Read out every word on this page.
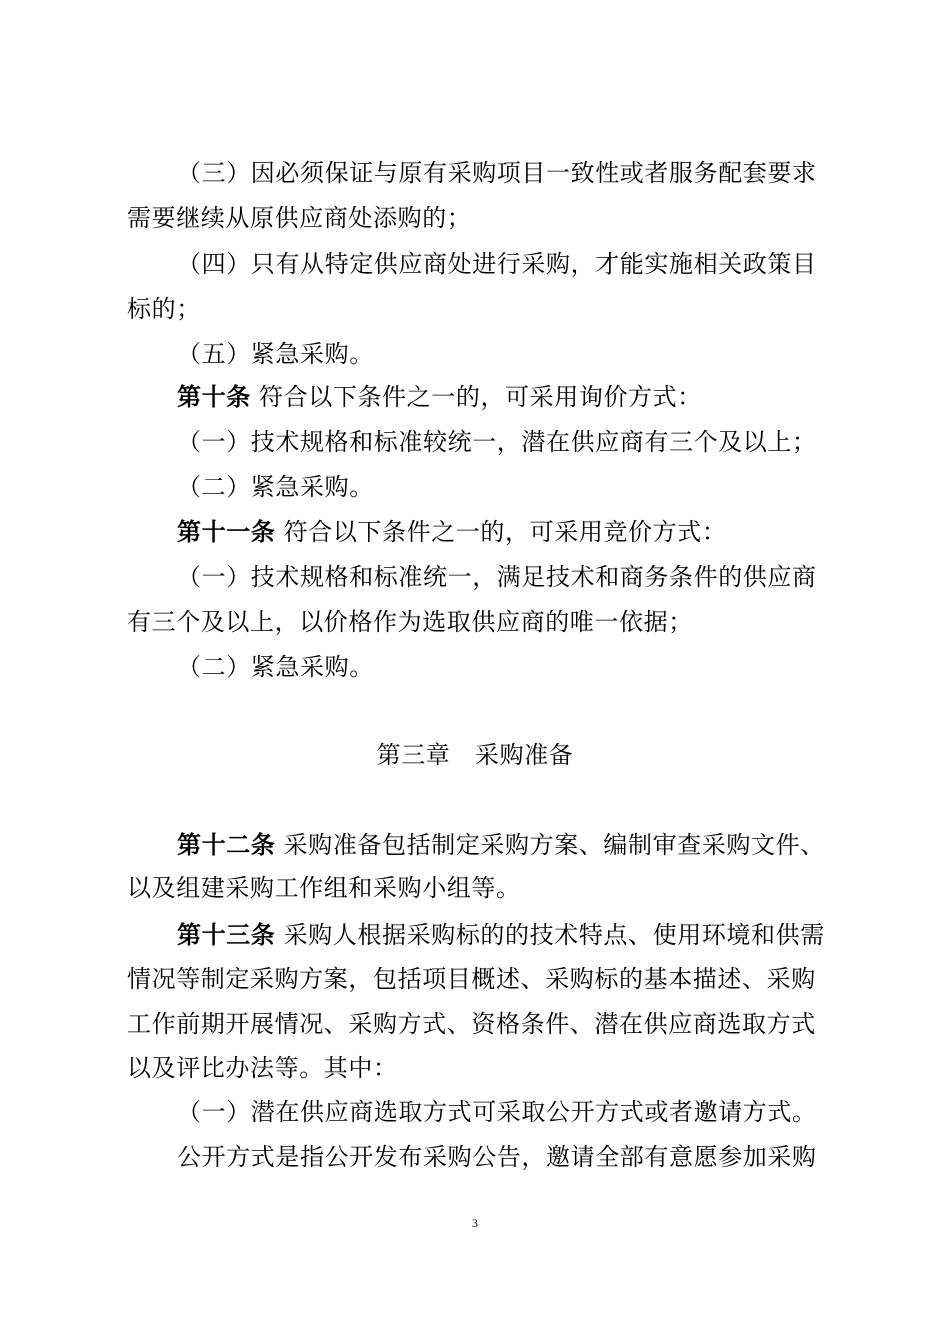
（三）因必须保证与原有采购项目一致性或者服务配套要求
需要继续从原供应商处添购的；
（四）只有从特定供应商处进行采购，才能实施相关政策目
标的；
（五）紧急采购。
第十条 符合以下条件之一的，可采用询价方式：
（一）技术规格和标准较统一，潜在供应商有三个及以上；
（二）紧急采购。
第十一条 符合以下条件之一的，可采用竞价方式：
（一）技术规格和标准统一，满足技术和商务条件的供应商
有三个及以上，以价格作为选取供应商的唯一依据；
（二）紧急采购。
第三章　采购准备
第十二条 采购准备包括制定采购方案、编制审查采购文件、
以及组建采购工作组和采购小组等。
第十三条 采购人根据采购标的的技术特点、使用环境和供需
情况等制定采购方案，包括项目概述、采购标的基本描述、采购
工作前期开展情况、采购方式、资格条件、潜在供应商选取方式
以及评比办法等。其中：
（一）潜在供应商选取方式可采取公开方式或者邀请方式。
公开方式是指公开发布采购公告，邀请全部有意愿参加采购
3
